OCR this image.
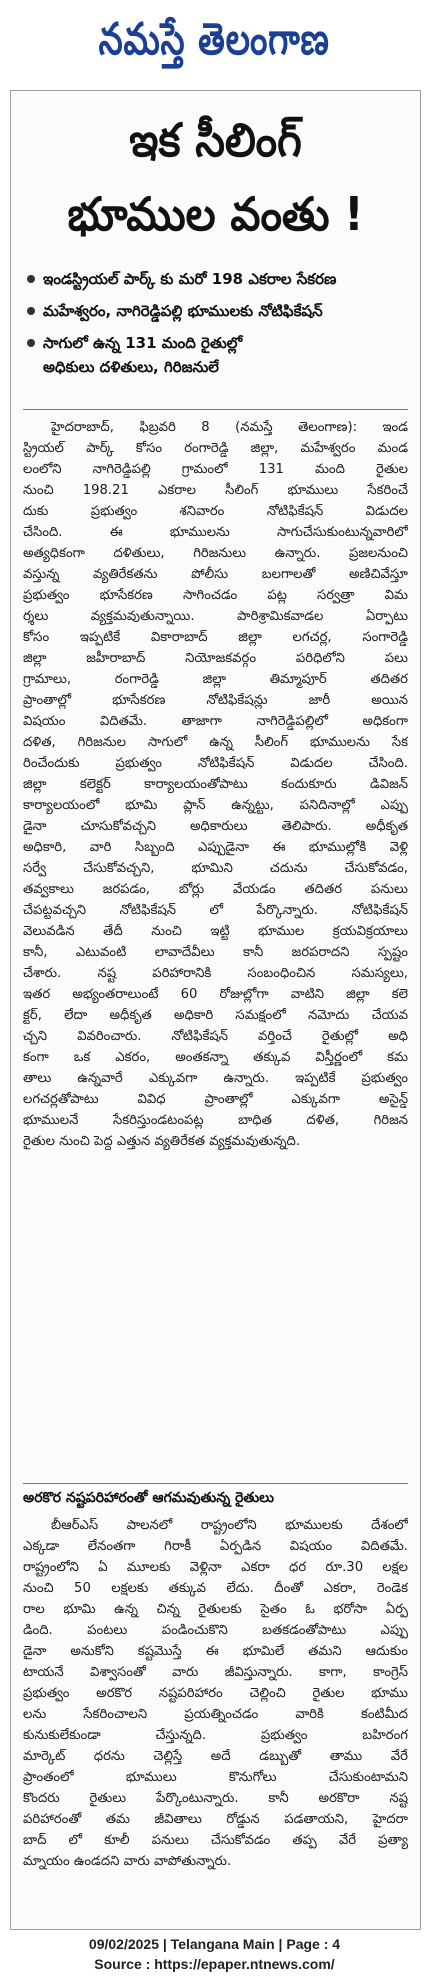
నమస్తే తెలంగాణ
ఇక సీలింగ్
భూముల వంతు !
ఇండస్ట్రియల్ పార్క్ కు మరో 198 ఎకరాల సేకరణ
మహేశ్వరం, నాగిరెడ్డిపల్లి భూములకు నోటిఫికేషన్
సాగులో ఉన్న 131 మంది రైతుల్లో
అధికులు దళితులు, గిరిజనులే
హైదరాబాద్, ఫిబ్రవరి 8 (నమస్తే తెలంగాణ): ఇండ
స్ట్రియల్ పార్క్ కోసం రంగారెడ్డి జిల్లా, మహేశ్వరం మండ
లంలోని నాగిరెడ్డిపల్లి గ్రామంలో 131 మంది రైతుల
నుంచి 198.21 ఎకరాల సీలింగ్ భూములు సేకరించే
దుకు ప్రభుత్వం శనివారం నోటిఫికేషన్ విడుదల
చేసింది. ఈ భూములను సాగుచేసుకుంటున్నవారిలో
అత్యధికంగా దళితులు, గిరిజనులు ఉన్నారు. ప్రజలనుంచి
వస్తున్న వ్యతిరేకతను పోలీసు బలగాలతో అణిచివేస్తూ
ప్రభుత్వం భూసేకరణ సాగించడం పట్ల సర్వత్రా విమ
ర్శలు వ్యక్తమవుతున్నాయి. పారిశ్రామికవాడల ఏర్పాటు
కోసం ఇప్పటికే వికారాబాద్ జిల్లా లగచర్ల, సంగారెడ్డి
జిల్లా జహీరాబాద్ నియోజకవర్గం పరిధిలోని పలు
గ్రామాలు, రంగారెడ్డి జిల్లా తిమ్మాపూర్ తదితర
ప్రాంతాల్లో భూసేకరణ నోటిఫికేషన్లు జారీ అయిన
విషయం విదితమే. తాజాగా నాగిరెడ్డిపల్లిలో అధికంగా
దళిత, గిరిజనుల సాగులో ఉన్న సీలింగ్ భూములను సేక
రించేందుకు ప్రభుత్వం నోటిఫికేషన్ విడుదల చేసింది.
జిల్లా కలెక్టర్ కార్యాలయంతోపాటు కందుకూరు డివిజన్
కార్యాలయంలో భూమి ప్లాన్ ఉన్నట్టు, పనిదినాల్లో ఎప్పు
డైనా చూసుకోవచ్చని అధికారులు తెలిపారు. అధీకృత
అధికారి, వారి సిబ్బంది ఎప్పుడైనా ఈ భూముల్లోకి వెళ్లి
సర్వే చేసుకోవచ్చని, భూమిని చదును చేసుకోవడం,
తవ్వకాలు జరపడం, బోర్లు వేయడం తదితర పనులు
చేపట్టవచ్చని నోటిఫికేషన్ లో పేర్కొన్నారు. నోటిఫికేషన్
వెలువడిన తేదీ నుంచి ఇట్టి భూముల క్రయవిక్రయాలు
కానీ, ఎటువంటి లావాదేవీలు కానీ జరపరాదని స్పష్టం
చేశారు. నష్ట పరిహారానికి సంబంధించిన సమస్యలు,
ఇతర అభ్యంతరాలుంటే 60 రోజుల్లోగా వాటిని జిల్లా కలె
క్టర్, లేదా అధీకృత అధికారి సమక్షంలో నమోదు చేయవ
చ్చని వివరించారు. నోటిఫికేషన్ వర్తించే రైతుల్లో అధి
కంగా ఒక ఎకరం, అంతకన్నా తక్కువ విస్తీర్ణంలో కమ
తాలు ఉన్నవారే ఎక్కువగా ఉన్నారు. ఇప్పటికే ప్రభుత్వం
లగచర్లతోపాటు వివిధ ప్రాంతాల్లో ఎక్కువగా అసైన్డ్
భూములనే సేకరిస్తుండటంపట్ల బాధిత దళిత, గిరిజన
రైతుల నుంచి పెద్ద ఎత్తున వ్యతిరేకత వ్యక్తమవుతున్నది.
అరకొర నష్టపరిహారంతో ఆగమవుతున్న రైతులు
బీఆర్ఎస్ పాలనలో రాష్ట్రంలోని భూములకు దేశంలో
ఎక్కడా లేనంతగా గిరాకీ ఏర్పడిన విషయం విదితమే.
రాష్ట్రంలోని ఏ మూలకు వెళ్లినా ఎకరా ధర రూ.30 లక్షల
నుంచి 50 లక్షలకు తక్కువ లేదు. దీంతో ఎకరా, రెండెక
రాల భూమి ఉన్న చిన్న రైతులకు సైతం ఓ భరోసా ఏర్ప
డింది. పంటలు పండించుకొని బతకడంతోపాటు ఎప్పు
డైనా అనుకోని కష్టమొస్తే ఈ భూమిలే తమని ఆదుకుం
టాయనే విశ్వాసంతో వారు జీవిస్తున్నారు. కాగా, కాంగ్రెస్
ప్రభుత్వం అరకొర నష్టపరిహారం చెల్లించి రైతుల భూము
లను సేకరించాలని ప్రయత్నించడం వారికి కంటిమీద
కునుకులేకుండా చేస్తున్నది. ప్రభుత్వం బహిరంగ
మార్కెట్ ధరను చెల్లిస్తే అదే డబ్బుతో తాము వేరే
ప్రాంతంలో భూములు కొనుగోలు చేసుకుంటామని
కొందరు రైతులు పేర్కొంటున్నారు. కానీ అరకొరా నష్ట
పరిహారంతో తమ జీవితాలు రోడ్డున పడతాయని, హైదరా
బాద్ లో కూలీ పనులు చేసుకోవడం తప్ప వేరే ప్రత్యా
మ్నాయం ఉండదని వారు వాపోతున్నారు.
09/02/2025 | Telangana Main | Page : 4
Source : https://epaper.ntnews.com/
